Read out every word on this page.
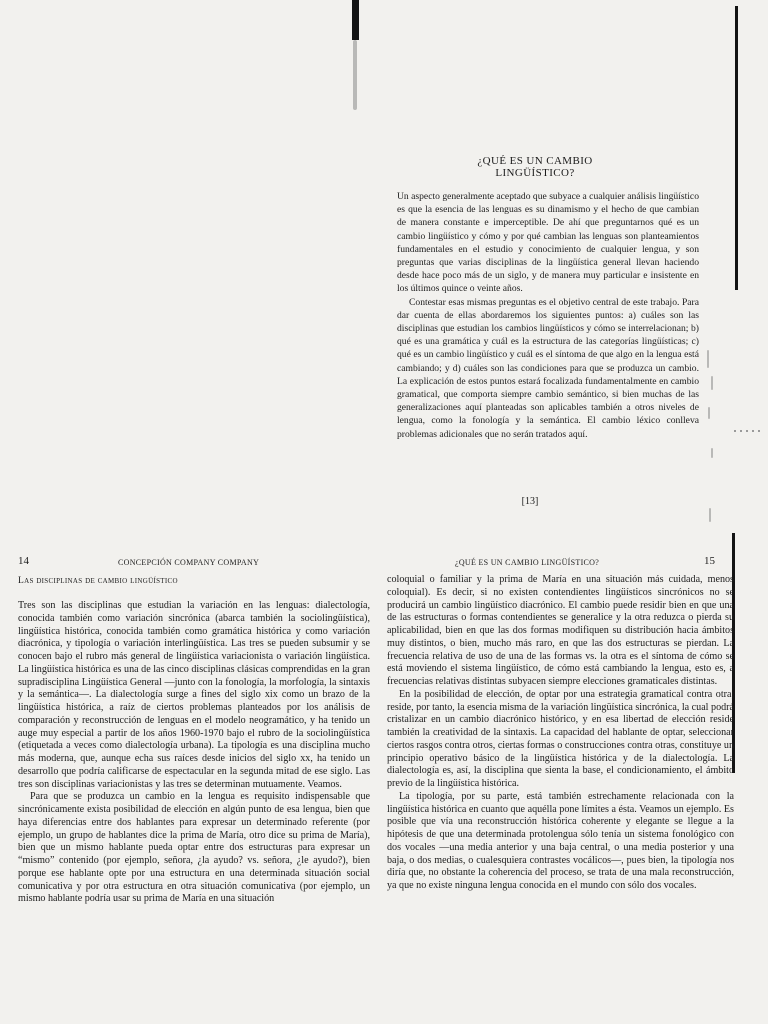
¿QUÉ ES UN CAMBIO LINGÜÍSTICO?

Un aspecto generalmente aceptado que subyace a cualquier análisis lingüístico es que la esencia de las lenguas es su dinamismo y el hecho de que cambian de manera constante e imperceptible. De ahí que preguntarnos qué es un cambio lingüístico y cómo y por qué cambian las lenguas son planteamientos fundamentales en el estudio y conocimiento de cualquier lengua, y son preguntas que varias disciplinas de la lingüística general llevan haciendo desde hace poco más de un siglo, y de manera muy particular e insistente en los últimos quince o veinte años.

Contestar esas mismas preguntas es el objetivo central de este trabajo. Para dar cuenta de ellas abordaremos los siguientes puntos: a) cuáles son las disciplinas que estudian los cambios lingüísticos y cómo se interrelacionan; b) qué es una gramática y cuál es la estructura de las categorías lingüísticas; c) qué es un cambio lingüístico y cuál es el síntoma de que algo en la lengua está cambiando; y d) cuáles son las condiciones para que se produzca un cambio. La explicación de estos puntos estará focalizada fundamentalmente en cambio gramatical, que comporta siempre cambio semántico, si bien muchas de las generalizaciones aquí planteadas son aplicables también a otros niveles de lengua, como la fonología y la semántica. El cambio léxico conlleva problemas adicionales que no serán tratados aquí.

[13]
14	CONCEPCIÓN COMPANY COMPANY
Las disciplinas de cambio lingüístico

Tres son las disciplinas que estudian la variación en las lenguas: dialectología, conocida también como variación sincrónica (abarca también la sociolingüística), lingüística histórica, conocida también como gramática histórica y como variación diacrónica, y tipología o variación interlingüística. Las tres se pueden subsumir y se conocen bajo el rubro más general de lingüística variacionista o variación lingüística. La lingüística histórica es una de las cinco disciplinas clásicas comprendidas en la gran supradisciplina Lingüística General —junto con la fonología, la morfología, la sintaxis y la semántica—. La dialectología surge a fines del siglo xix como un brazo de la lingüística histórica, a raíz de ciertos problemas planteados por los análisis de comparación y reconstrucción de lenguas en el modelo neogramático, y ha tenido un auge muy especial a partir de los años 1960-1970 bajo el rubro de la sociolingüística (etiquetada a veces como dialectología urbana). La tipología es una disciplina mucho más moderna, que, aunque echa sus raíces desde inicios del siglo xx, ha tenido un desarrollo que podría calificarse de espectacular en la segunda mitad de ese siglo. Las tres son disciplinas variacionistas y las tres se determinan mutuamente. Veamos.

Para que se produzca un cambio en la lengua es requisito indispensable que sincrónicamente exista posibilidad de elección en algún punto de esa lengua, bien que haya diferencias entre dos hablantes para expresar un determinado referente (por ejemplo, un grupo de hablantes dice la prima de María, otro dice su prima de María), bien que un mismo hablante pueda optar entre dos estructuras para expresar un “mismo” contenido (por ejemplo, señora, ¿la ayudo? vs. señora, ¿le ayudo?), bien porque ese hablante opte por una estructura en una determinada situación social comunicativa y por otra estructura en otra situación comunicativa (por ejemplo, un mismo hablante podría usar su prima de María en una situación

¿QUÉ ES UN CAMBIO LINGÜÍSTICO?	15

coloquial o familiar y la prima de María en una situación más cuidada, menos coloquial). Es decir, si no existen contendientes lingüísticos sincrónicos no se producirá un cambio lingüístico diacrónico. El cambio puede residir bien en que una de las estructuras o formas contendientes se generalice y la otra reduzca o pierda su aplicabilidad, bien en que las dos formas modifiquen su distribución hacia ámbitos muy distintos, o bien, mucho más raro, en que las dos estructuras se pierdan. La frecuencia relativa de uso de una de las formas vs. la otra es el síntoma de cómo se está moviendo el sistema lingüístico, de cómo está cambiando la lengua, esto es, a frecuencias relativas distintas subyacen siempre elecciones gramaticales distintas.

En la posibilidad de elección, de optar por una estrategia gramatical contra otra, reside, por tanto, la esencia misma de la variación lingüística sincrónica, la cual podrá cristalizar en un cambio diacrónico histórico, y en esa libertad de elección reside también la creatividad de la sintaxis. La capacidad del hablante de optar, seleccionar ciertos rasgos contra otros, ciertas formas o construcciones contra otras, constituye un principio operativo básico de la lingüística histórica y de la dialectología. La dialectología es, así, la disciplina que sienta la base, el condicionamiento, el ámbito previo de la lingüística histórica.

La tipología, por su parte, está también estrechamente relacionada con la lingüística histórica en cuanto que aquélla pone límites a ésta. Veamos un ejemplo. Es posible que vía una reconstrucción histórica coherente y elegante se llegue a la hipótesis de que una determinada protolengua sólo tenía un sistema fonológico con dos vocales —una media anterior y una baja central, o una media posterior y una baja, o dos medias, o cualesquiera contrastes vocálicos—, pues bien, la tipología nos diría que, no obstante la coherencia del proceso, se trata de una mala reconstrucción, ya que no existe ninguna lengua conocida en el mundo con sólo dos vocales.
